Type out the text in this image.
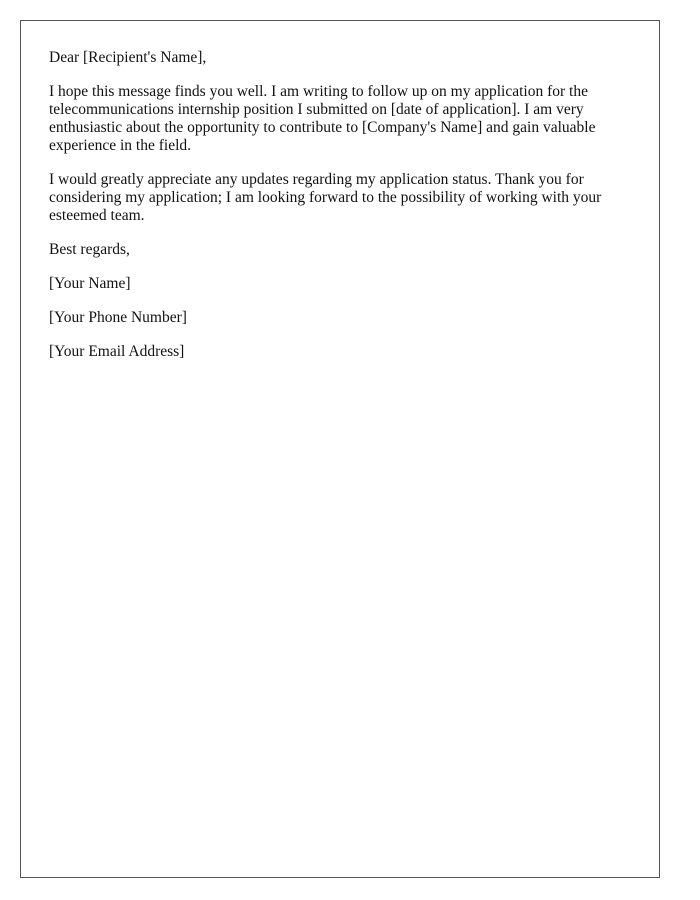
Dear [Recipient's Name],

I hope this message finds you well. I am writing to follow up on my application for the telecommunications internship position I submitted on [date of application]. I am very enthusiastic about the opportunity to contribute to [Company's Name] and gain valuable experience in the field.

I would greatly appreciate any updates regarding my application status. Thank you for considering my application; I am looking forward to the possibility of working with your esteemed team.

Best regards,

[Your Name]

[Your Phone Number]

[Your Email Address]
